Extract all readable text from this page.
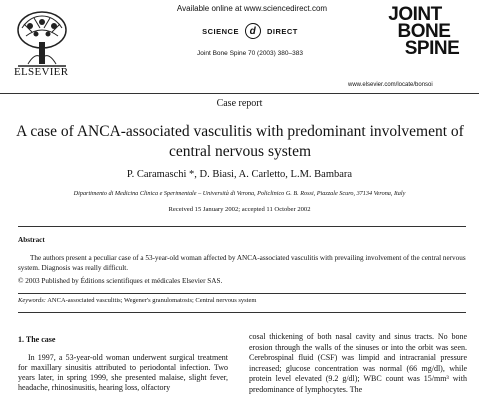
ELSEVIER
Available online at www.sciencedirect.com
SCIENCE	d	DIRECT
Joint Bone Spine 70 (2003) 380–383
JOINT
BONE
SPINE
www.elsevier.com/locate/bonsoi
Case report
A case of ANCA-associated vasculitis with predominant involvement of central nervous system
P. Caramaschi *, D. Biasi, A. Carletto, L.M. Bambara
Dipartimento di Medicina Clinica e Sperimentale – Università di Verona, Policlinico G. B. Rossi, Piazzale Scuro, 37134 Verona, Italy
Received 15 January 2002; accepted 11 October 2002
Abstract
The authors present a peculiar case of a 53-year-old woman affected by ANCA-associated vasculitis with prevailing involvement of the central nervous system. Diagnosis was really difficult.
© 2003 Published by Éditions scientifiques et médicales Elsevier SAS.
Keywords: ANCA-associated vasculitis; Wegener's granulomatosis; Central nervous system
1. The case

In 1997, a 53-year-old woman underwent surgical treatment for maxillary sinusitis attributed to periodontal infection. Two years later, in spring 1999, she presented malaise, slight fever, headache, rhinosinusitis, hearing loss, olfactory

cosal thickening of both nasal cavity and sinus tracts. No bone erosion through the walls of the sinuses or into the orbit was seen. Cerebrospinal fluid (CSF) was limpid and intracranial pressure increased; glucose concentration was normal (66 mg/dl), while protein level elevated (9.2 g/dl); WBC count was 15/mm³ with predominance of lymphocytes. The
